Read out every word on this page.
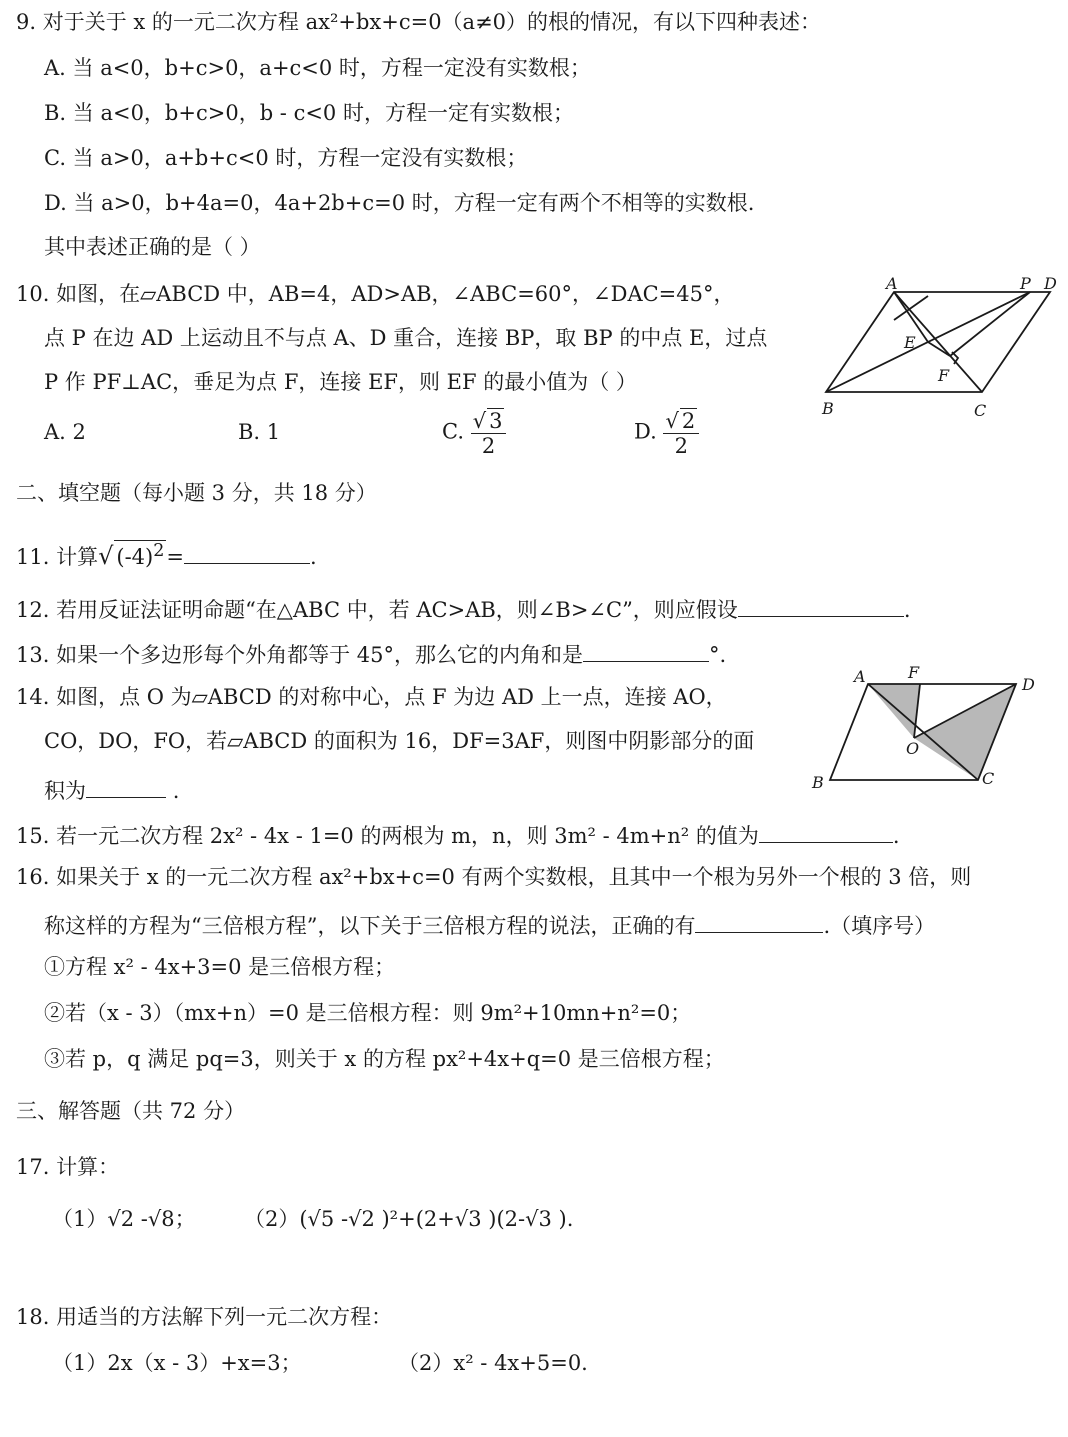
9. 对于关于 x 的一元二次方程 ax²+bx+c=0（a≠0）的根的情况，有以下四种表述：
A. 当 a<0，b+c>0，a+c<0 时，方程一定没有实数根；
B. 当 a<0，b+c>0，b - c<0 时，方程一定有实数根；
C. 当 a>0，a+b+c<0 时，方程一定没有实数根；
D. 当 a>0，b+4a=0，4a+2b+c=0 时，方程一定有两个不相等的实数根.
其中表述正确的是（ ）
10. 如图，在▱ABCD 中，AB=4，AD>AB，∠ABC=60°，∠DAC=45°，
点 P 在边 AD 上运动且不与点 A、D 重合，连接 BP，取 BP 的中点 E，过点
P 作 PF⊥AC，垂足为点 F，连接 EF，则 EF 的最小值为（ ）
A. 2	B. 1	C. $\frac{√ 3}{2}$	D. $\frac{√ 2}{2}$
A	P D
E
F
B	C
二、填空题（每小题 3 分，共 18 分）
11. 计算√ $(-4)^2=$	.
12. 若用反证法证明命题“在△ABC 中，若 AC>AB，则∠B>∠C”，则应假设	.
13. 如果一个多边形每个外角都等于 45°，那么它的内角和是	°.
14. 如图，点 O 为▱ABCD 的对称中心，点 F 为边 AD 上一点，连接 AO，
CO，DO，FO，若▱ABCD 的面积为 16，DF=3AF，则图中阴影部分的面
积为	.
A	F
D
O
B	C
15. 若一元二次方程 2x² - 4x - 1=0 的两根为 m，n，则 3m² - 4m+n² 的值为	.
16. 如果关于 x 的一元二次方程 ax²+bx+c=0 有两个实数根，且其中一个根为另外一个根的 3 倍，则
称这样的方程为“三倍根方程”，以下关于三倍根方程的说法，正确的有	.（填序号）
①方程 x² - 4x+3=0 是三倍根方程；
②若（x - 3）（mx+n）=0 是三倍根方程：则 9m²+10mn+n²=0；
③若 p，q 满足 pq=3，则关于 x 的方程 px²+4x+q=0 是三倍根方程；
三、解答题（共 72 分）
17. 计算：
（1）√2 -√8； （2）(√5 -√2 )²+(2+√3 )(2-√3 ).
18. 用适当的方法解下列一元二次方程：
（1）2x（x - 3）+x=3；	（2）x² - 4x+5=0.
